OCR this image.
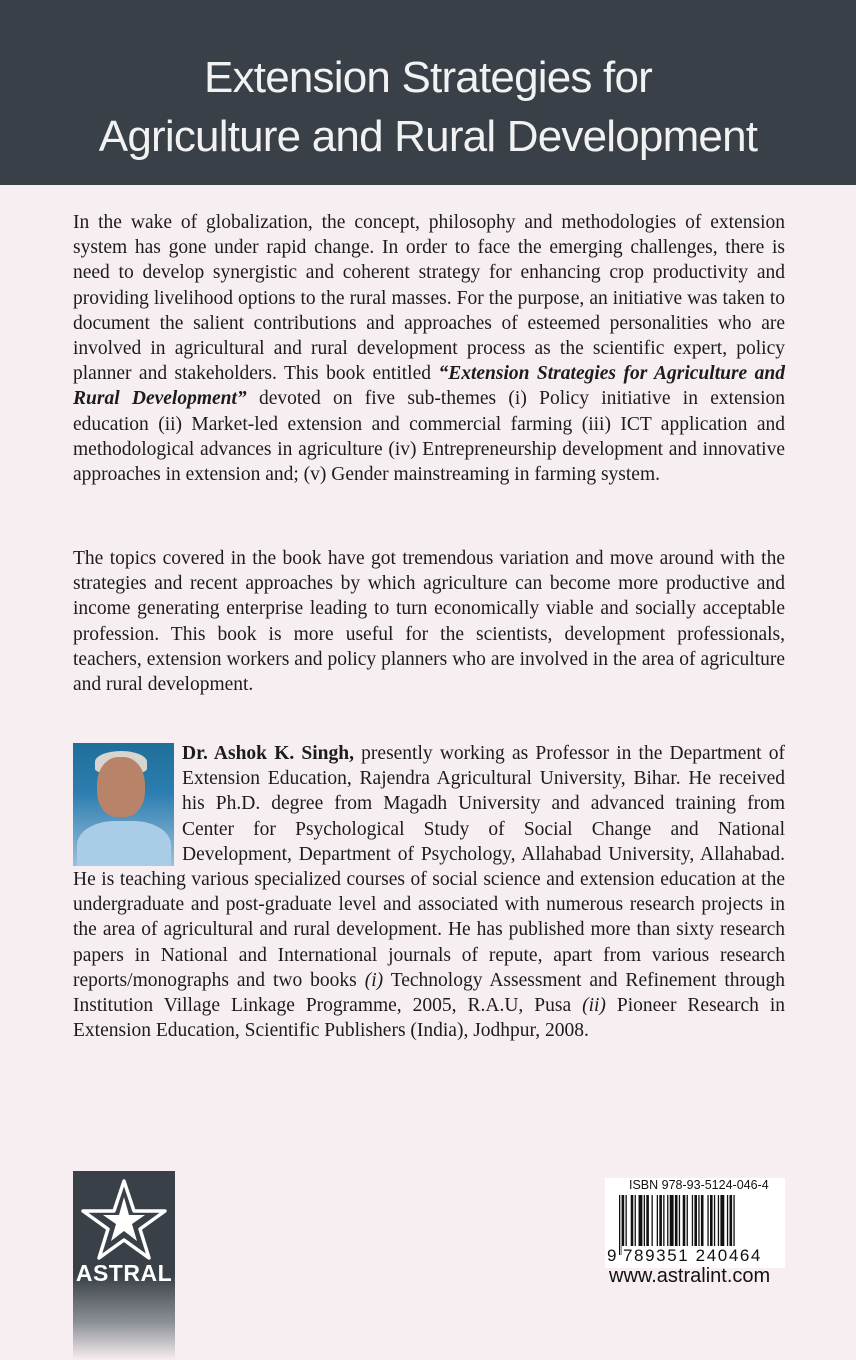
Extension Strategies for
Agriculture and Rural Development

In the wake of globalization, the concept, philosophy and methodologies of extension system has gone under rapid change. In order to face the emerging challenges, there is need to develop synergistic and coherent strategy for enhancing crop productivity and providing livelihood options to the rural masses. For the purpose, an initiative was taken to document the salient contributions and approaches of esteemed personalities who are involved in agricultural and rural development process as the scientific expert, policy planner and stakeholders. This book entitled “Extension Strategies for Agriculture and Rural Development” devoted on five sub-themes (i) Policy initiative in extension education (ii) Market-led extension and commercial farming (iii) ICT application and methodological advances in agriculture (iv) Entrepreneurship development and innovative approaches in extension and; (v) Gender mainstreaming in farming system.

The topics covered in the book have got tremendous variation and move around with the strategies and recent approaches by which agriculture can become more productive and income generating enterprise leading to turn economically viable and socially acceptable profession. This book is more useful for the scientists, development professionals, teachers, extension workers and policy planners who are involved in the area of agriculture and rural development.

Dr. Ashok K. Singh, presently working as Professor in the Department of Extension Education, Rajendra Agricultural University, Bihar. He received his Ph.D. degree from Magadh University and advanced training from Center for Psychological Study of Social Change and National Development, Department of Psychology, Allahabad University, Allahabad. He is teaching various specialized courses of social science and extension education at the undergraduate and post-graduate level and associated with numerous research projects in the area of agricultural and rural development. He has published more than sixty research papers in National and International journals of repute, apart from various research reports/monographs and two books (i) Technology Assessment and Refinement through Institution Village Linkage Programme, 2005, R.A.U, Pusa (ii) Pioneer Research in Extension Education, Scientific Publishers (India), Jodhpur, 2008.

ASTRAL
ISBN 978-93-5124-046-4
9 789351 240464
www.astralint.com
